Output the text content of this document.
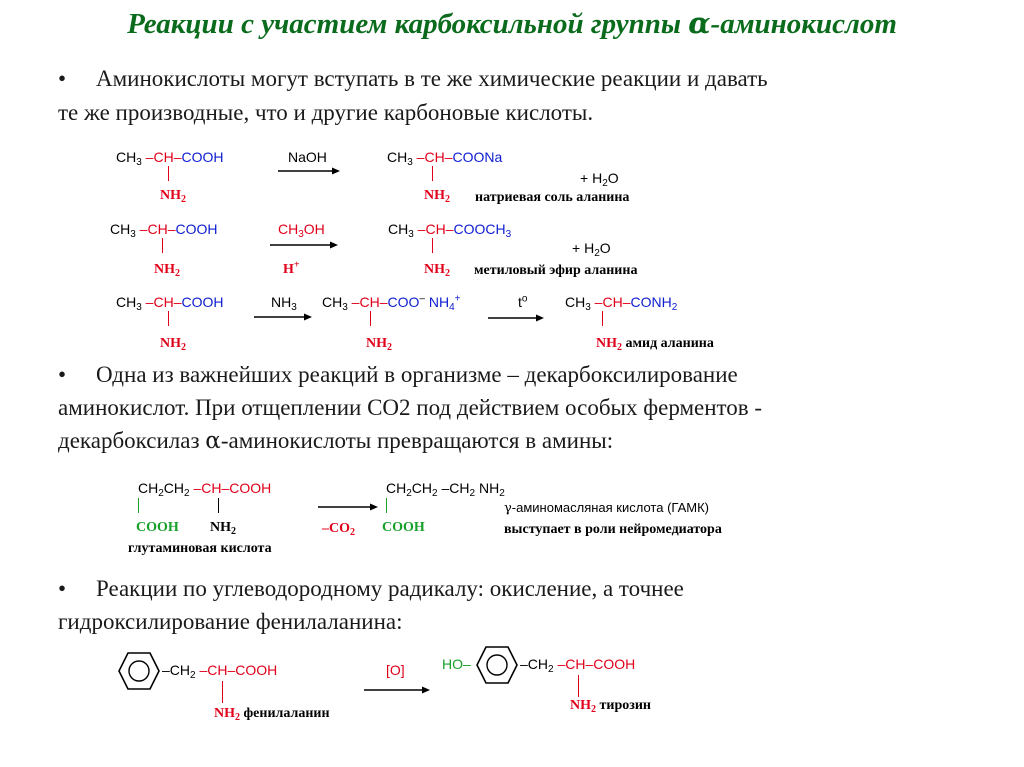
Реакции с участием карбоксильной группы α-аминокислот
• Аминокислоты могут вступать в те же химические реакции и давать
те же производные, что и другие карбоновые кислоты.
$CH_3$ –CH–COOH
$NH_2$
NaOH	$CH_3$ –CH–COONa
$NH_2$
+ $H_2O$
натриевая соль аланина
$CH_3$ –CH–COOH
$NH_2$
$CH_3OH$
H+
$CH_3$ $-CH-COOCH_3$
$NH_2$
+ $H_2O$
метиловый эфир аланина
$CH_3$ –CH–COOH
$NH_2$
$NH_3$ $CH_3$ –CH–COO– $NH_4^+$
$NH_2$
$t^o$	$CH_3$ $-CH-CONH_2$
$NH_2$ амид аланина
• Одна из важнейших реакций в организме – декарбоксилирование
аминокислот. При отщеплении СО2 под действием особых ферментов -
декарбоксилаз α-аминокислоты превращаются в амины:
$CH_2CH_2$ –CH–COOH
COOH $NH_2$
глутаминовая кислота
$-CO_2$
$CH_2CH_2$ $-CH_2$ $NH_2$
COOH
γ-аминомасляная кислота (ГАМК)
выступает в роли нейромедиатора
• Реакции по углеводородному радикалу: окисление, а точнее
гидроксилирование фенилаланина:
$-CH_2$ –CH–COOH
$NH_2$ фенилаланин
[O]	HO–	$-CH_2$ –CH–COOH
$NH_2$ тирозин
